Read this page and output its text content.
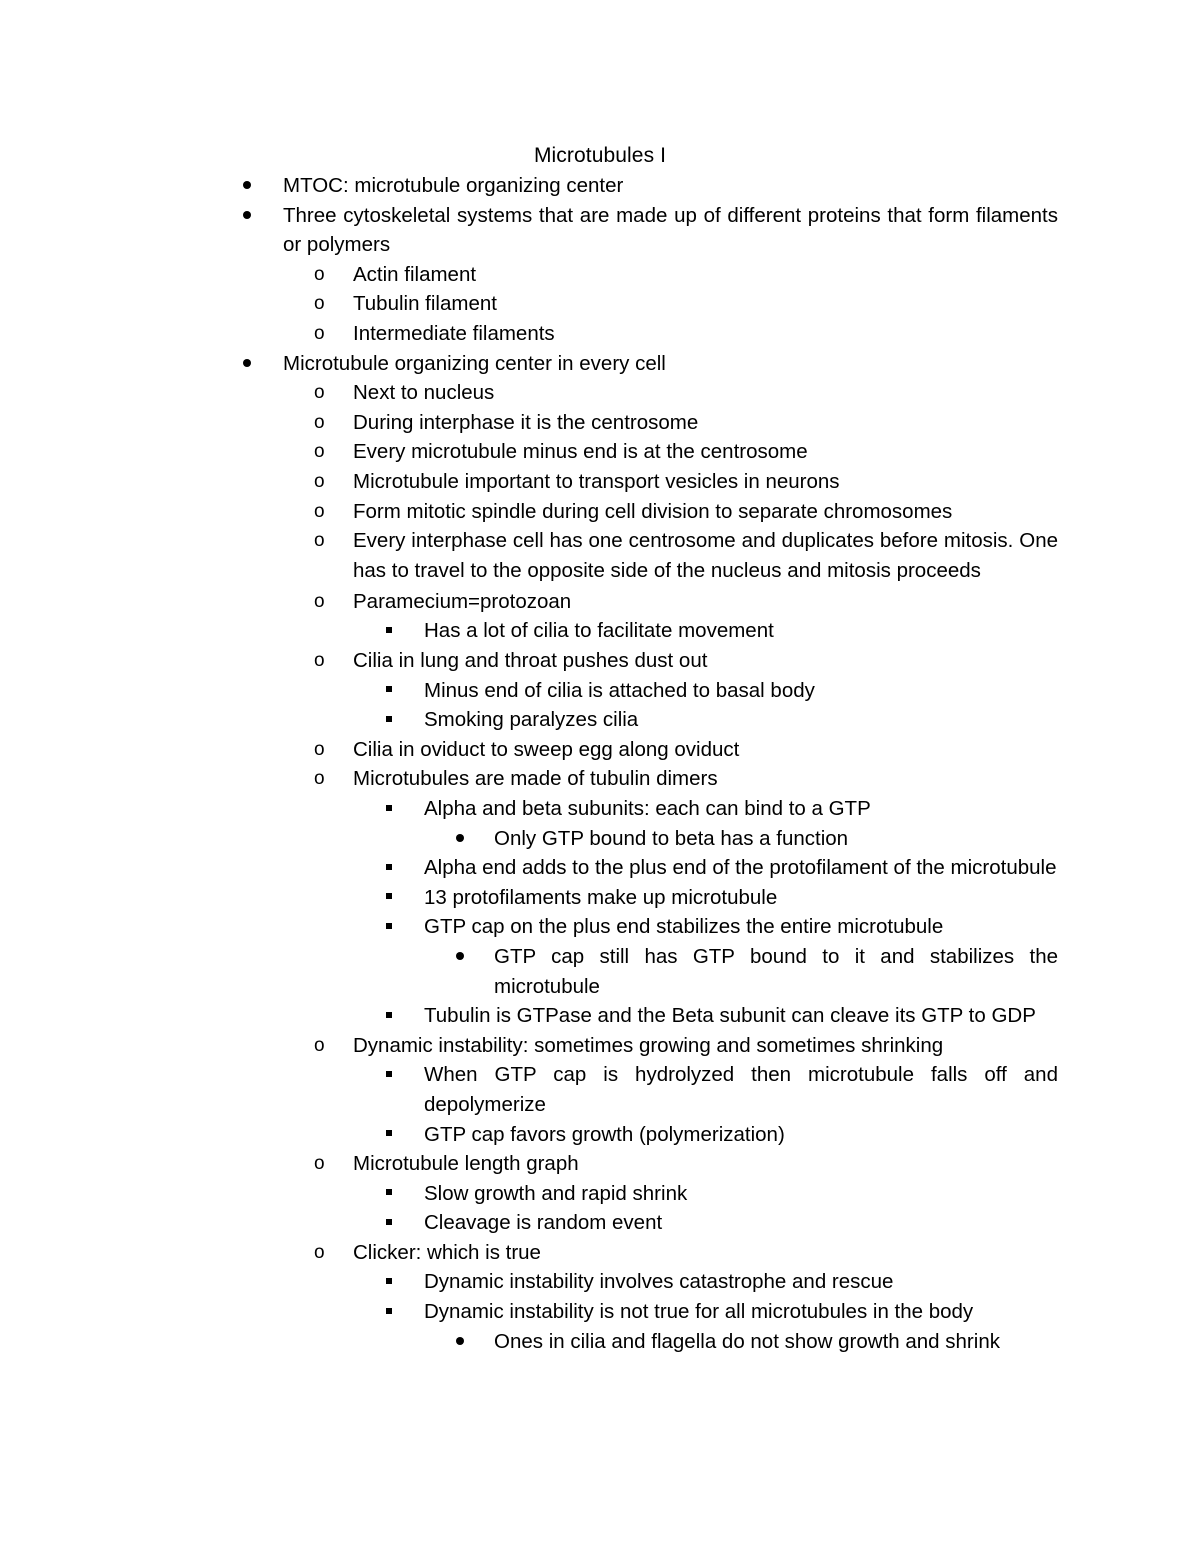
Microtubules I
MTOC: microtubule organizing center
Three cytoskeletal systems that are made up of different proteins that form filaments or polymers
o	Actin filament
o	Tubulin filament
o	Intermediate filaments
Microtubule organizing center in every cell
o	Next to nucleus
o	During interphase it is the centrosome
o	Every microtubule minus end is at the centrosome
o	Microtubule important to transport vesicles in neurons
o	Form mitotic spindle during cell division to separate chromosomes
o	Every interphase cell has one centrosome and duplicates before mitosis. One has to travel to the opposite side of the nucleus and mitosis proceeds
o	Paramecium=protozoan
Has a lot of cilia to facilitate movement
o	Cilia in lung and throat pushes dust out
Minus end of cilia is attached to basal body
Smoking paralyzes cilia
o	Cilia in oviduct to sweep egg along oviduct
o	Microtubules are made of tubulin dimers
Alpha and beta subunits: each can bind to a GTP
Only GTP bound to beta has a function
Alpha end adds to the plus end of the protofilament of the microtubule
13 protofilaments make up microtubule
GTP cap on the plus end stabilizes the entire microtubule
GTP cap still has GTP bound to it and stabilizes the microtubule
Tubulin is GTPase and the Beta subunit can cleave its GTP to GDP
o	Dynamic instability: sometimes growing and sometimes shrinking
When GTP cap is hydrolyzed then microtubule falls off and depolymerize
GTP cap favors growth (polymerization)
o	Microtubule length graph
Slow growth and rapid shrink
Cleavage is random event
o	Clicker: which is true
Dynamic instability involves catastrophe and rescue
Dynamic instability is not true for all microtubules in the body
Ones in cilia and flagella do not show growth and shrink
